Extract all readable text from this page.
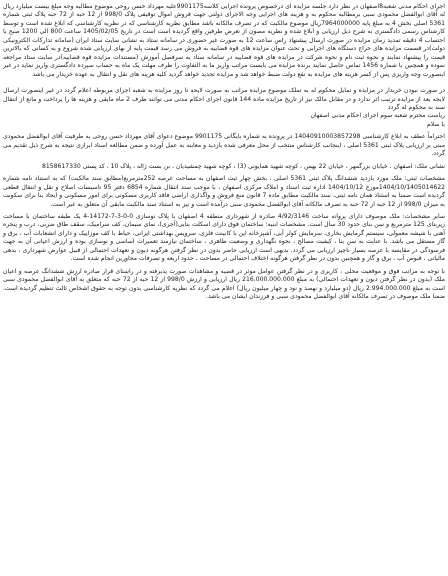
اجرای احکام مدنی شعبه8اصفهان در نظر دارد جلسه مزایده ای درخصوص پرونده اجرایی کلاسه9901175علیه مهرداد حسن روحی موضوع مطالبه وجه مبلغ بیست میلیارد ریال له آقای ابوالفضل محمودی سبی برمطالبه محکوم به و هزینه های اجرایی وجه الاجرای دولتی جهت فروش اموال توقیفی پلاک 998/0 از 12 حبه از 72 حبه پلاک ثبتی شماره 5361 اصلی بخش 4 به مبلغ پایه 7964000000ریال موضوع مالکیت که در تصرف مالکانه باشد مطابق نظریه کارشناسی که در نظریه کارشناسی که ابلاغ شده است و توسط کارشناس رسمی دادگستری به شرح ذیل ارزیابی و ابلاغ شده و نظریه مصون از تعرض طرفین واقع گردیده است است در تاریخ 1405/02/05 ساعت 800 الی 1200 صبح با احتساب 4 دقیقه تمدید زمان مزایده در صورت ارسال پیشنهاد راس ساعت 12 به صورت غیر حضوری در سامانه ستاد به نشانی سایت ستاد ایران (سامانه تدارکات الکترونیکی دولت)در قسمت مزایده های حراج دستگاه های اجرایی و تحت عنوان مزایده های قوه قضاییه به فروش می رسد قیمت پایه از بهای ارزیابی شده شروع و به کسانی که بالاترین قیمت را پیشنهاد نمایند و نحوه ثبت نام و نحوه شرکت در مزایده های قوه قضاییه در سامانه ستاد به سرفصل آموزش (مستندات مزایده قوه قضاییه)در سایت ستاد مراجعه نموده و همچنین با شماره 1456 تماس حاصل نمایند برنده مزایده می بایست مراتب واریز ما به التفاوت را ظرف مهلت یک ماه به حساب سپرده دادگستری واریز نماید در غیر اینصورت وجه واریزی پس از کسر هزینه های مزایده به نفع دولت ضبط خواهد شد و مزایده تجدید خواهد گردید کلیه هزینه های نقل و انتقال به عهده خریدار می باشد

در صورت نبودن خریدار در مزایده و تمایل محکوم له به تملک موضوع مزایده مراتب به صورت لایحه تا روز مزایده به شعبه اجرای مربوطه اعلام گردد در غیر اینصورت ارسال لایحه بعد از مزایده ترتیب اثر ندارد و در مقابل مالک نیز از تاریخ مزایده ماده 144 قانون اجرای احکام مدنی می توانند ظرف 2 ماه مابقی و هزینه ها را پرداخت و مانع از انتقال سند به محکوم له گردد

ریاست محترم شعبه سوم اجرای احکام مدنی اصفهان

با سلام

احتراماً عطف به ابلاغ کارشناسی 14040910003857298 در پرونده به شماره بایگانی 9901175 موضوع دعوای آقای مهرداد حسن روحی به طرفیت آقای ابوالفضل محمودی مبنی بر ارزیابی پلاک ثبتی 5361 اصلی ، اینجانب کارشناس منتخب از محل معرفی شده بازدید و معاینه به عمل آورده و ضمن مطالعه اسناد ابرازی نتیجه به شرح ذیل تقدیم می گردد.

نشانی ملک: اصفهان ، خیابان بزرگمهر ، خیابان 22 بهمن ، کوچه شهید همایونی (3) ، کوچه شهید چمشیدیان ، بن بست ژاله ، پلاک 10 ، کد پستی 8158617330

مشخصات ثبتی: ملک مورد بازدید ششدانگ پلاک ثبتی 5361 اصلی ، بخش چهار ثبت اصفهان به مساحت عرصه 252مترمربع(مطابق سند مالکیت) که به استناد نامه شماره 1404/10/1405014622مورخ 1404/10/12 اداره ثبت اسناد و املاک مرکزی اصفهان ، با موجب سند انتقال شماره 6854 دفتر 95 تاسیسات اصلاح و نقل و انتقال قطعی گردیده است ضمنا به استناد همان نامه ثبتی، سند مالکیت مطابق ماده 7 قانون منع فروش و واگذاری اراضی فاقد کاربری مسکونی برای امور مسکونی و ایجاد بنا برای سکونت به میزان 998/0 از 12 حبه از 72 حبه به تصرف مالکانه آقای ابوالفضل محمودی سبی درآمده است و نیز به استناد سند مالکیت مابقی آن متعلق به غیر است.

سایر مشخصات: ملک موصوف دارای پروانه ساخت 4/92/3146 صادره از شهرداری منطقه 4 اصفهان با پلاک نوسازی 0-0-3-7-14172-4 یک طبقه ساختمان با مساحت زیربنای 125 مترمربع و سن بنای حدود 30 سال است. مشخصات ابنیه: ساختمان فوق دارای اسکلت بنایی(آجری)، نمای سیمان، کف سرامیک، سقف طاق ضربی، درب و پنجره آهنی با شیشه معمولی، سیستم گرمایش بخاری، سرمایش کولر آبی، آشپزخانه اپن با کابینت فلزی، سرویس بهداشتی ایرانی، حیاط با کف موزاییک و دارای انشعابات آب ، برق و گاز مستقل می باشد. با عنایت به سن بنا ، کیفیت مصالح ، نحوه نگهداری و وضعیت ظاهری ، ساختمان نیازمند تعمیرات اساسی و نوسازی بوده و ارزش اعیانی آن به جهت فرسودگی در مقایسه با عرصه بسیار ناچیز ارزیابی می گردد. بدیهی است ارزیابی حاضر بدون در نظر گرفتن هرگونه دیون و تعهدات احتمالی از قبیل عوارض شهرداری ، بدهی مالیاتی ، قبوض آب ، برق و گاز و همچنین بدون در نظر گرفتن هرگونه اختلاف احتمالی در مساحت ، حدود اربعه و تصرفات مجاورین انجام شده است.

با توجه به مراتب فوق و موقعیت محلی ، کاربری و در نظر گرفتن عوامل موثر در قضیه و مشاهدات صورت پذیرفته و در راستای قرار صادره ارزش ششدانگ عرصه و اعیان ملک (بدون در نظر گرفتن دیون و تعهدات احتمالی) به مبلغ 216.000.000.000 ریال ارزیابی و ارزش 998/0 از 12 حبه از 72 حبه که متعلق به آقای ابوالفضل محمودی سبی است به مبلغ 2.994.000.000 ریال (دو میلیارد و نهصد و نود و چهار میلیون ریال) اعلام می گردد که نظریه کارشناسی بدون توجه به حقوق اشخاص ثالث تنظیم گردیده است. ضمنا ملک موصوف در تصرف مالکانه آقای ابوالفضل محمودی سبی و فرزندان ایشان می باشد.
